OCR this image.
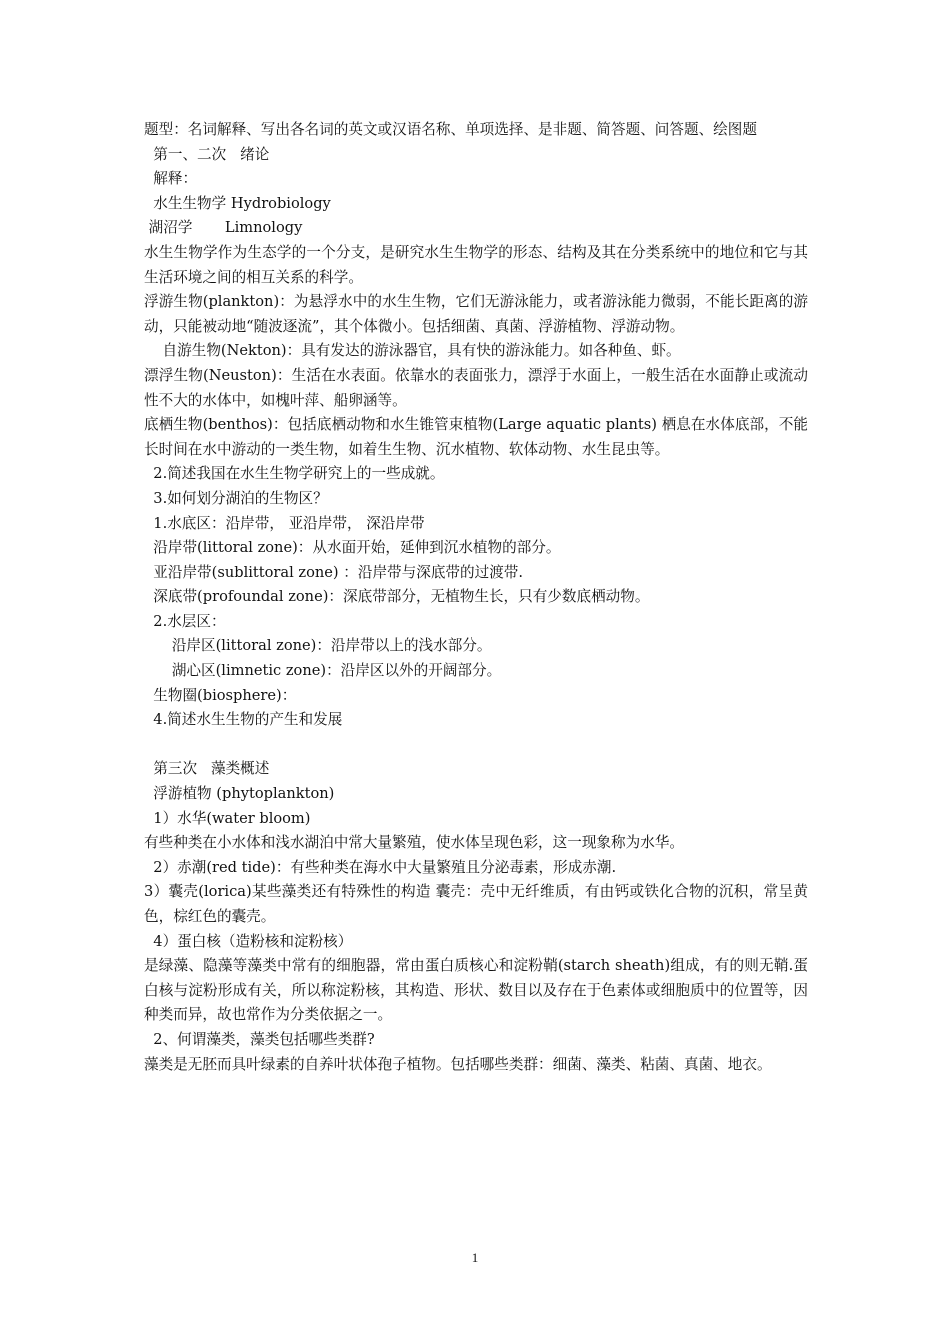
题型：名词解释、写出各名词的英文或汉语名称、单项选择、是非题、简答题、问答题、绘图题

第一、二次   绪论

解释：

水生生物学 Hydrobiology

湖沼学       Limnology

水生生物学作为生态学的一个分支，是研究水生生物学的形态、结构及其在分类系统中的地位和它与其生活环境之间的相互关系的科学。

浮游生物(plankton)：为悬浮水中的水生生物，它们无游泳能力，或者游泳能力微弱，不能长距离的游动，只能被动地“随波逐流”，其个体微小。包括细菌、真菌、浮游植物、浮游动物。

自游生物(Nekton)：具有发达的游泳器官，具有快的游泳能力。如各种鱼、虾。

漂浮生物(Neuston)：生活在水表面。依靠水的表面张力，漂浮于水面上，一般生活在水面静止或流动性不大的水体中，如槐叶萍、船卵涵等。

底栖生物(benthos)：包括底栖动物和水生锥管束植物(Large aquatic plants) 栖息在水体底部，不能长时间在水中游动的一类生物，如着生生物、沉水植物、软体动物、水生昆虫等。

2.简述我国在水生生物学研究上的一些成就。

3.如何划分湖泊的生物区？

1.水底区：沿岸带， 亚沿岸带， 深沿岸带

沿岸带(littoral zone)：从水面开始，延伸到沉水植物的部分。

亚沿岸带(sublittoral zone) ：沿岸带与深底带的过渡带.

深底带(profoundal zone)：深底带部分，无植物生长，只有少数底栖动物。

2.水层区：

沿岸区(littoral zone)：沿岸带以上的浅水部分。

湖心区(limnetic zone)：沿岸区以外的开阔部分。

生物圈(biosphere)：

4.简述水生生物的产生和发展

第三次   藻类概述

浮游植物 (phytoplankton)

1）水华(water bloom)

有些种类在小水体和浅水湖泊中常大量繁殖，使水体呈现色彩，这一现象称为水华。

2）赤潮(red tide)：有些种类在海水中大量繁殖且分泌毒素，形成赤潮.

3）囊壳(lorica)某些藻类还有特殊性的构造 囊壳：壳中无纤维质，有由钙或铁化合物的沉积，常呈黄色，棕红色的囊壳。

4）蛋白核（造粉核和淀粉核）

是绿藻、隐藻等藻类中常有的细胞器，常由蛋白质核心和淀粉鞘(starch sheath)组成，有的则无鞘.蛋白核与淀粉形成有关，所以称淀粉核，其构造、形状、数目以及存在于色素体或细胞质中的位置等，因种类而异，故也常作为分类依据之一。

2、何谓藻类，藻类包括哪些类群?

藻类是无胚而具叶绿素的自养叶状体孢子植物。包括哪些类群：细菌、藻类、粘菌、真菌、地衣。

1
